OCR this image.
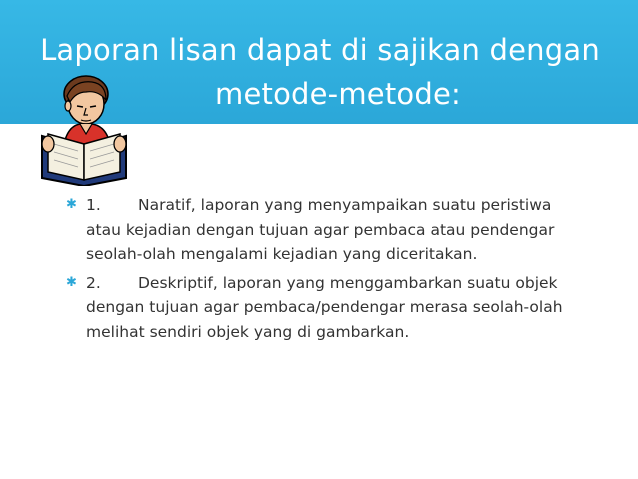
Laporan lisan dapat di sajikan dengan
metode-metode:
✱ 1. Naratif, laporan yang menyampaikan suatu peristiwa atau kejadian dengan tujuan agar pembaca atau pendengar seolah-olah mengalami kejadian yang diceritakan.
✱ 2. Deskriptif, laporan yang menggambarkan suatu objek dengan tujuan agar pembaca/pendengar merasa seolah-olah melihat sendiri objek yang di gambarkan.
